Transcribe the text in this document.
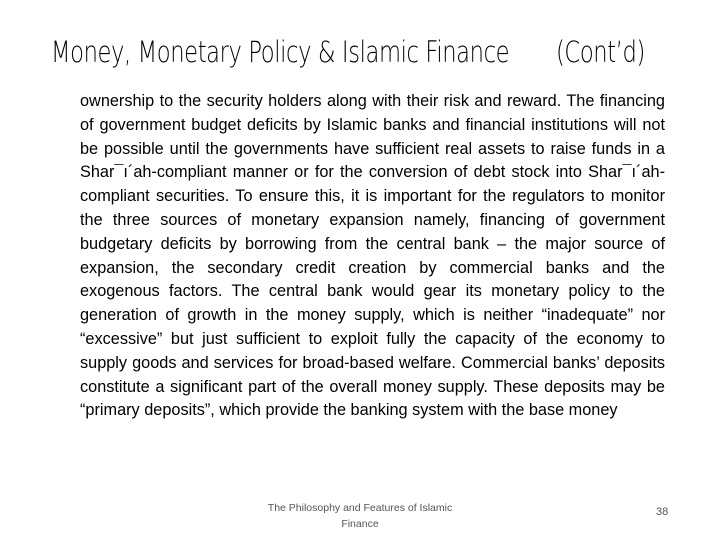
Money, Monetary Policy & Islamic Finance (Cont’d)

ownership to the security holders along with their risk and reward. The financing of government budget deficits by Islamic banks and financial institutions will not be possible until the governments have sufficient real assets to raise funds in a Shar¯ı´ah-compliant manner or for the conversion of debt stock into Shar¯ı´ah-compliant securities. To ensure this, it is important for the regulators to monitor the three sources of monetary expansion namely, financing of government budgetary deficits by borrowing from the central bank – the major source of expansion, the secondary credit creation by commercial banks and the exogenous factors. The central bank would gear its monetary policy to the generation of growth in the money supply, which is neither “inadequate” nor “excessive” but just sufficient to exploit fully the capacity of the economy to supply goods and services for broad-based welfare. Commercial banks’ deposits constitute a significant part of the overall money supply. These deposits may be “primary deposits”, which provide the banking system with the base money

The Philosophy and Features of Islamic Finance
38
